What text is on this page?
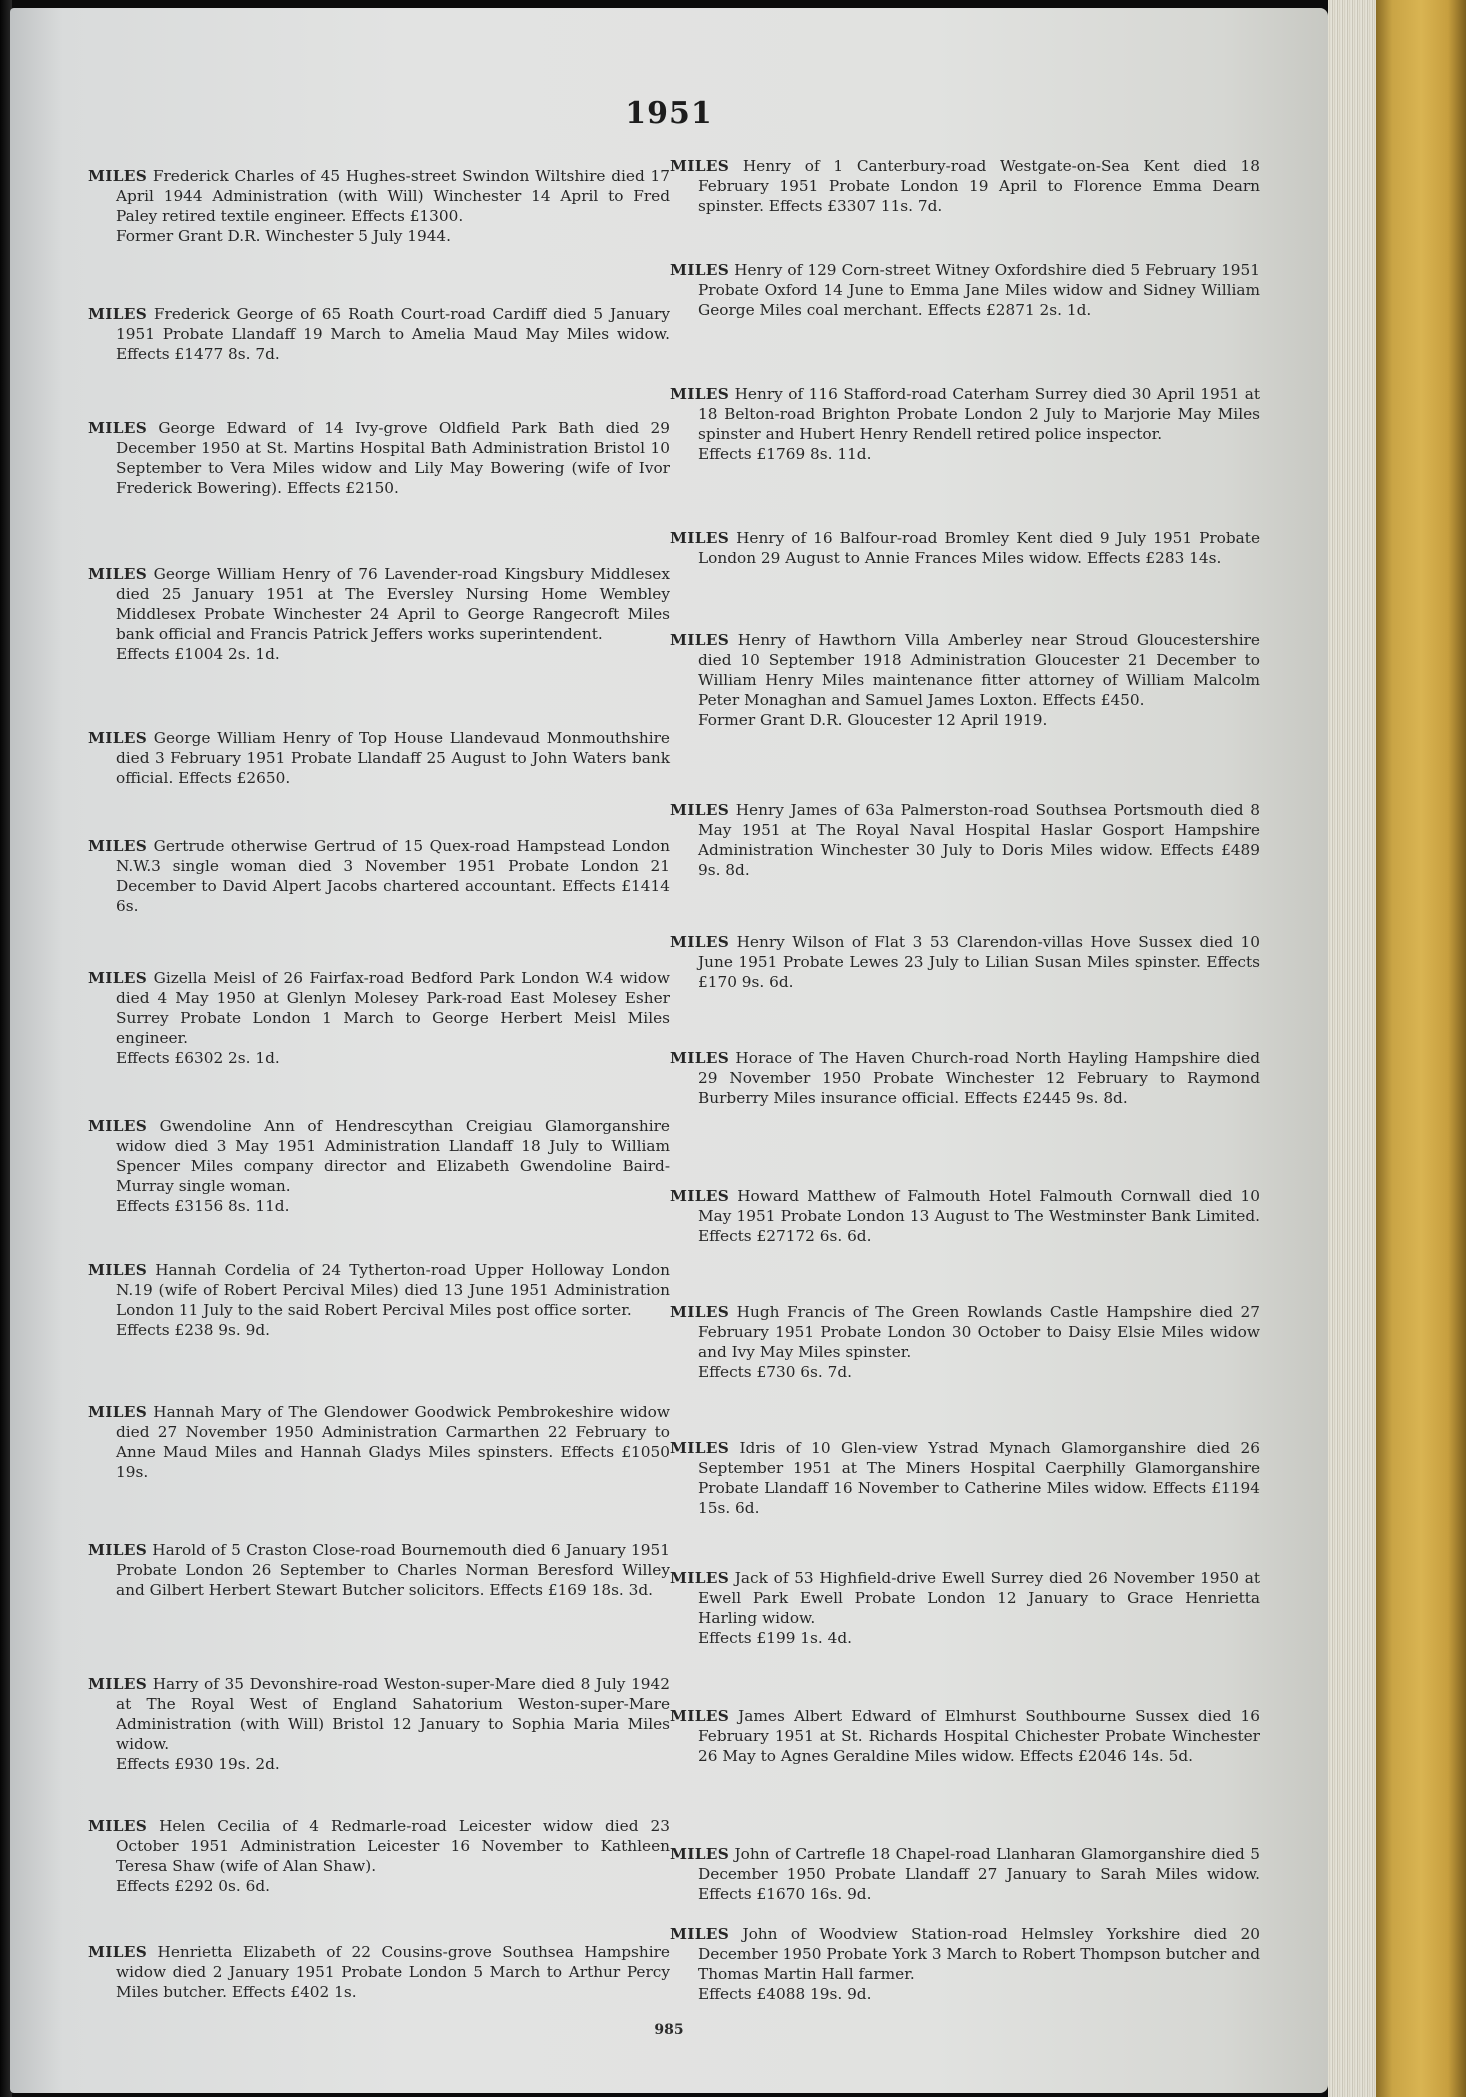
1951
MILES Frederick Charles of 45 Hughes-street Swindon Wiltshire died 17 April 1944 Administration (with Will) Winchester 14 April to Fred Paley retired textile engineer. Effects £1300.
Former Grant D.R. Winchester 5 July 1944.
MILES Frederick George of 65 Roath Court-road Cardiff died 5 January 1951 Probate Llandaff 19 March to Amelia Maud May Miles widow. Effects £1477 8s. 7d.
MILES George Edward of 14 Ivy-grove Oldfield Park Bath died 29 December 1950 at St. Martins Hospital Bath Administration Bristol 10 September to Vera Miles widow and Lily May Bowering (wife of Ivor Frederick Bowering). Effects £2150.
MILES George William Henry of 76 Lavender-road Kingsbury Middlesex died 25 January 1951 at The Eversley Nursing Home Wembley Middlesex Probate Winchester 24 April to George Rangecroft Miles bank official and Francis Patrick Jeffers works superintendent.
Effects £1004 2s. 1d.
MILES George William Henry of Top House Llandevaud Monmouthshire died 3 February 1951 Probate Llandaff 25 August to John Waters bank official. Effects £2650.
MILES Gertrude otherwise Gertrud of 15 Quex-road Hampstead London N.W.3 single woman died 3 November 1951 Probate London 21 December to David Alpert Jacobs chartered accountant. Effects £1414 6s.
MILES Gizella Meisl of 26 Fairfax-road Bedford Park London W.4 widow died 4 May 1950 at Glenlyn Molesey Park-road East Molesey Esher Surrey Probate London 1 March to George Herbert Meisl Miles engineer.
Effects £6302 2s. 1d.
MILES Gwendoline Ann of Hendrescythan Creigiau Glamorganshire widow died 3 May 1951 Administration Llandaff 18 July to William Spencer Miles company director and Elizabeth Gwendoline Baird-Murray single woman.
Effects £3156 8s. 11d.
MILES Hannah Cordelia of 24 Tytherton-road Upper Holloway London N.19 (wife of Robert Percival Miles) died 13 June 1951 Administration London 11 July to the said Robert Percival Miles post office sorter.
Effects £238 9s. 9d.
MILES Hannah Mary of The Glendower Goodwick Pembrokeshire widow died 27 November 1950 Administration Carmarthen 22 February to Anne Maud Miles and Hannah Gladys Miles spinsters. Effects £1050 19s.
MILES Harold of 5 Craston Close-road Bournemouth died 6 January 1951 Probate London 26 September to Charles Norman Beresford Willey and Gilbert Herbert Stewart Butcher solicitors. Effects £169 18s. 3d.
MILES Harry of 35 Devonshire-road Weston-super-Mare died 8 July 1942 at The Royal West of England Sahatorium Weston-super-Mare Administration (with Will) Bristol 12 January to Sophia Maria Miles widow.
Effects £930 19s. 2d.
MILES Helen Cecilia of 4 Redmarle-road Leicester widow died 23 October 1951 Administration Leicester 16 November to Kathleen Teresa Shaw (wife of Alan Shaw).
Effects £292 0s. 6d.
MILES Henrietta Elizabeth of 22 Cousins-grove Southsea Hampshire widow died 2 January 1951 Probate London 5 March to Arthur Percy Miles butcher. Effects £402 1s.
MILES Henry of 1 Canterbury-road Westgate-on-Sea Kent died 18 February 1951 Probate London 19 April to Florence Emma Dearn spinster. Effects £3307 11s. 7d.
MILES Henry of 129 Corn-street Witney Oxfordshire died 5 February 1951 Probate Oxford 14 June to Emma Jane Miles widow and Sidney William George Miles coal merchant. Effects £2871 2s. 1d.
MILES Henry of 116 Stafford-road Caterham Surrey died 30 April 1951 at 18 Belton-road Brighton Probate London 2 July to Marjorie May Miles spinster and Hubert Henry Rendell retired police inspector.
Effects £1769 8s. 11d.
MILES Henry of 16 Balfour-road Bromley Kent died 9 July 1951 Probate London 29 August to Annie Frances Miles widow. Effects £283 14s.
MILES Henry of Hawthorn Villa Amberley near Stroud Gloucestershire died 10 September 1918 Administration Gloucester 21 December to William Henry Miles maintenance fitter attorney of William Malcolm Peter Monaghan and Samuel James Loxton. Effects £450.
Former Grant D.R. Gloucester 12 April 1919.
MILES Henry James of 63a Palmerston-road Southsea Portsmouth died 8 May 1951 at The Royal Naval Hospital Haslar Gosport Hampshire Administration Winchester 30 July to Doris Miles widow. Effects £489 9s. 8d.
MILES Henry Wilson of Flat 3 53 Clarendon-villas Hove Sussex died 10 June 1951 Probate Lewes 23 July to Lilian Susan Miles spinster. Effects £170 9s. 6d.
MILES Horace of The Haven Church-road North Hayling Hampshire died 29 November 1950 Probate Winchester 12 February to Raymond Burberry Miles insurance official. Effects £2445 9s. 8d.
MILES Howard Matthew of Falmouth Hotel Falmouth Cornwall died 10 May 1951 Probate London 13 August to The Westminster Bank Limited. Effects £27172 6s. 6d.
MILES Hugh Francis of The Green Rowlands Castle Hampshire died 27 February 1951 Probate London 30 October to Daisy Elsie Miles widow and Ivy May Miles spinster.
Effects £730 6s. 7d.
MILES Idris of 10 Glen-view Ystrad Mynach Glamorganshire died 26 September 1951 at The Miners Hospital Caerphilly Glamorganshire Probate Llandaff 16 November to Catherine Miles widow. Effects £1194 15s. 6d.
MILES Jack of 53 Highfield-drive Ewell Surrey died 26 November 1950 at Ewell Park Ewell Probate London 12 January to Grace Henrietta Harling widow.
Effects £199 1s. 4d.
MILES James Albert Edward of Elmhurst Southbourne Sussex died 16 February 1951 at St. Richards Hospital Chichester Probate Winchester 26 May to Agnes Geraldine Miles widow. Effects £2046 14s. 5d.
MILES John of Cartrefle 18 Chapel-road Llanharan Glamorganshire died 5 December 1950 Probate Llandaff 27 January to Sarah Miles widow. Effects £1670 16s. 9d.
MILES John of Woodview Station-road Helmsley Yorkshire died 20 December 1950 Probate York 3 March to Robert Thompson butcher and Thomas Martin Hall farmer.
Effects £4088 19s. 9d.
985
